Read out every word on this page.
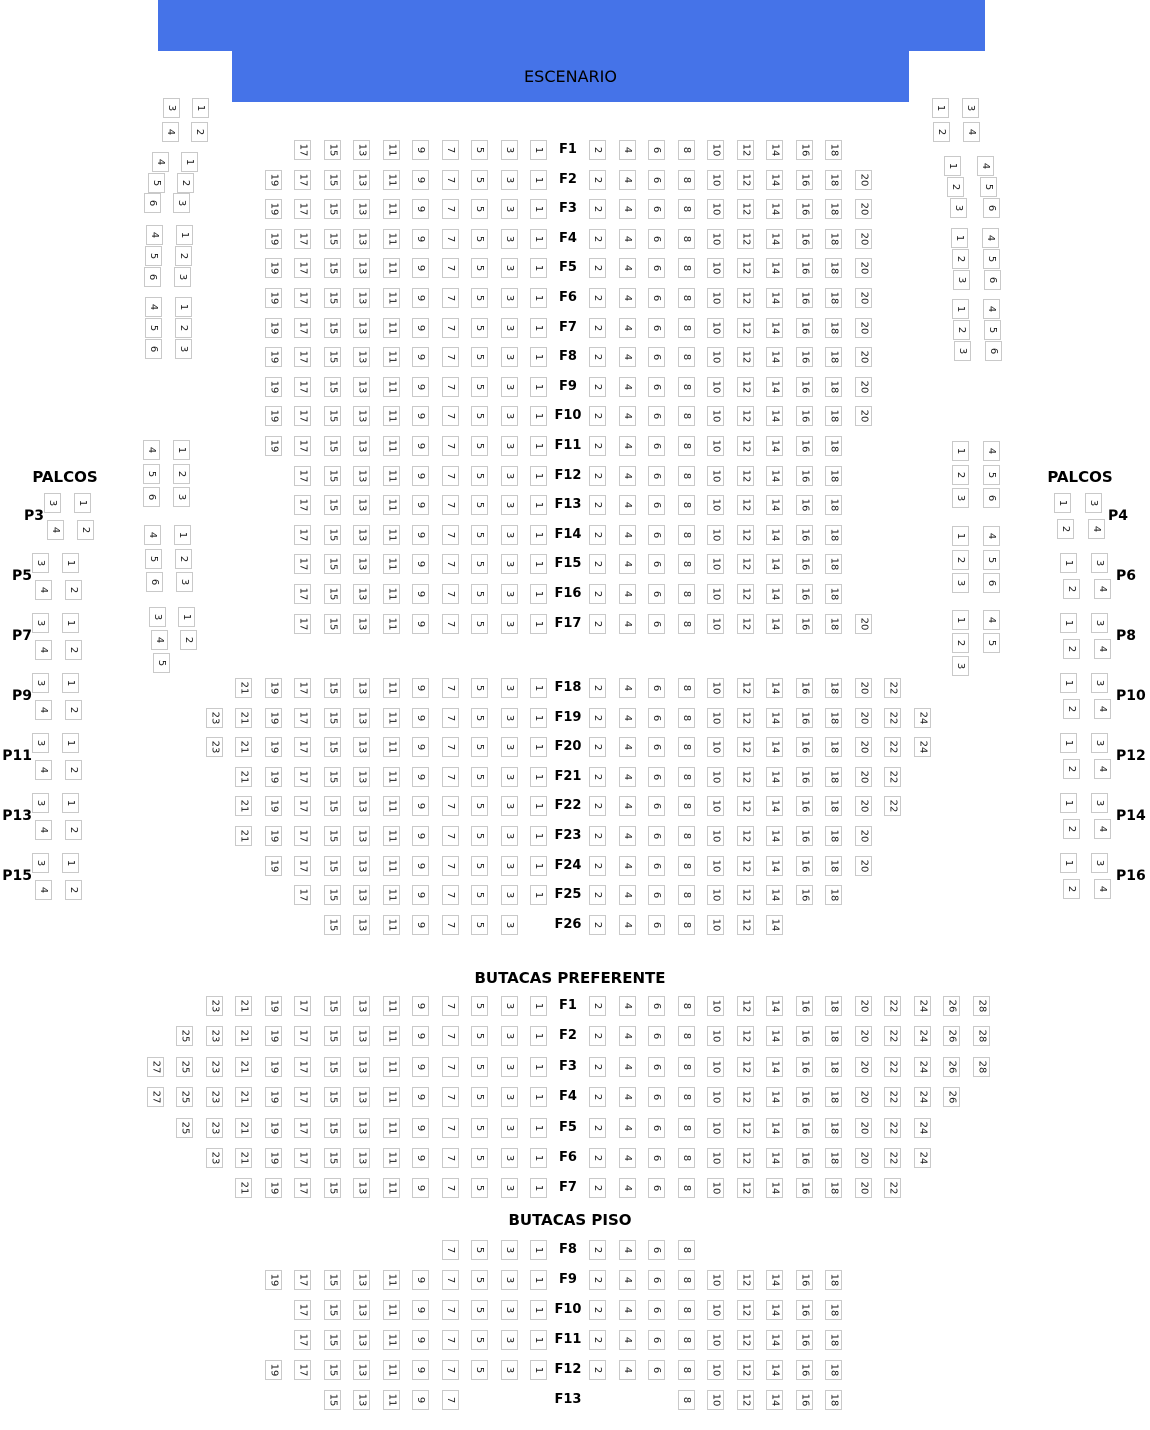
ESCENARIO
PALCOS	PALCOS
BUTACAS PREFERENTE
BUTACAS PISO
F1
17 15 13 11 9 7 5 3 1	2 4 6 8 10 12 14 16 18
F2
19 17 15 13 11 9 7 5 3 1	2 4 6 8 10 12 14 16 18 20
F3
19 17 15 13 11 9 7 5 3 1	2 4 6 8 10 12 14 16 18 20
F4
19 17 15 13 11 9 7 5 3 1	2 4 6 8 10 12 14 16 18 20
F5
19 17 15 13 11 9 7 5 3 1	2 4 6 8 10 12 14 16 18 20
F6
19 17 15 13 11 9 7 5 3 1	2 4 6 8 10 12 14 16 18 20
F7
19 17 15 13 11 9 7 5 3 1	2 4 6 8 10 12 14 16 18 20
F8
19 17 15 13 11 9 7 5 3 1	2 4 6 8 10 12 14 16 18 20
F9
19 17 15 13 11 9 7 5 3 1	2 4 6 8 10 12 14 16 18 20
F10
19 17 15 13 11 9 7 5 3 1	2 4 6 8 10 12 14 16 18 20
F11
19 17 15 13 11 9 7 5 3 1	2 4 6 8 10 12 14 16 18
F12
17 15 13 11 9 7 5 3 1	2 4 6 8 10 12 14 16 18
F13
17 15 13 11 9 7 5 3 1	2 4 6 8 10 12 14 16 18
F14
17 15 13 11 9 7 5 3 1	2 4 6 8 10 12 14 16 18
F15
17 15 13 11 9 7 5 3 1	2 4 6 8 10 12 14 16 18
F16
17 15 13 11 9 7 5 3 1	2 4 6 8 10 12 14 16 18
F17
17 15 13 11 9 7 5 3 1	2 4 6 8 10 12 14 16 18 20
F18
21 19 17 15 13 11 9 7 5 3 1	2 4 6 8 10 12 14 16 18 20 22
F19
23 21 19 17 15 13 11 9 7 5 3 1	2 4 6 8 10 12 14 16 18 20 22 24
F20
23 21 19 17 15 13 11 9 7 5 3 1	2 4 6 8 10 12 14 16 18 20 22 24
F21
21 19 17 15 13 11 9 7 5 3 1	2 4 6 8 10 12 14 16 18 20 22
F22
21 19 17 15 13 11 9 7 5 3 1	2 4 6 8 10 12 14 16 18 20 22
F23
21 19 17 15 13 11 9 7 5 3 1	2 4 6 8 10 12 14 16 18 20
F24
19 17 15 13 11 9 7 5 3 1	2 4 6 8 10 12 14 16 18 20
F25
17 15 13 11 9 7 5 3 1	2 4 6 8 10 12 14 16 18
F26
15 13 11 9 7 5 3	2 4 6 8 10 12 14
F1
23 21 19 17 15 13 11 9 7 5 3 1	2 4 6 8 10 12 14 16 18 20 22 24 26 28
F2
25 23 21 19 17 15 13 11 9 7 5 3 1	2 4 6 8 10 12 14 16 18 20 22 24 26 28
F3
27 25 23 21 19 17 15 13 11 9 7 5 3 1	2 4 6 8 10 12 14 16 18 20 22 24 26 28
F4
27 25 23 21 19 17 15 13 11 9 7 5 3 1	2 4 6 8 10 12 14 16 18 20 22 24 26
F5
25 23 21 19 17 15 13 11 9 7 5 3 1	2 4 6 8 10 12 14 16 18 20 22 24
F6
23 21 19 17 15 13 11 9 7 5 3 1	2 4 6 8 10 12 14 16 18 20 22 24
F7
21 19 17 15 13 11 9 7 5 3 1	2 4 6 8 10 12 14 16 18 20 22
F8
7 5 3 1	2 4 6 8
F9
19 17 15 13 11 9 7 5 3 1	2 4 6 8 10 12 14 16 18
F10
17 15 13 11 9 7 5 3 1	2 4 6 8 10 12 14 16 18
F11
17 15 13 11 9 7 5 3 1	2 4 6 8 10 12 14 16 18
F12
19 17 15 13 11 9 7 5 3 1	2 4 6 8 10 12 14 16 18
F13
15 13 11 9 7	8 10 12 14 16 18
P3
3 1
4 2
P5
3 1
4 2
P7
3 1
4 2
P9
3 1
4 2
P11
3 1
4 2
P13
3 1
4 2
P15
3 1
4 2
P4
1 3
2 4
P6
1 3
2 4
P8
1 3
2 4
P10
1 3
2 4
P12
1 3
2 4
P14
1 3
2 4
P16
1 3
2 4
3 1
4 2
4 1
5 2
6 3
4 1
5 2
6 3
4 1
5 2
6 3
4 1
5 2
6 3
4 1
5 2
6 3
3 1
4 2
5
1 3
2 4
1 4
2 5
3 6
1 4
2 5
3 6
1 4
2 5
3 6
1 4
2 5
3 6
1 4
2 5
3 6
1 4
2 5
3
